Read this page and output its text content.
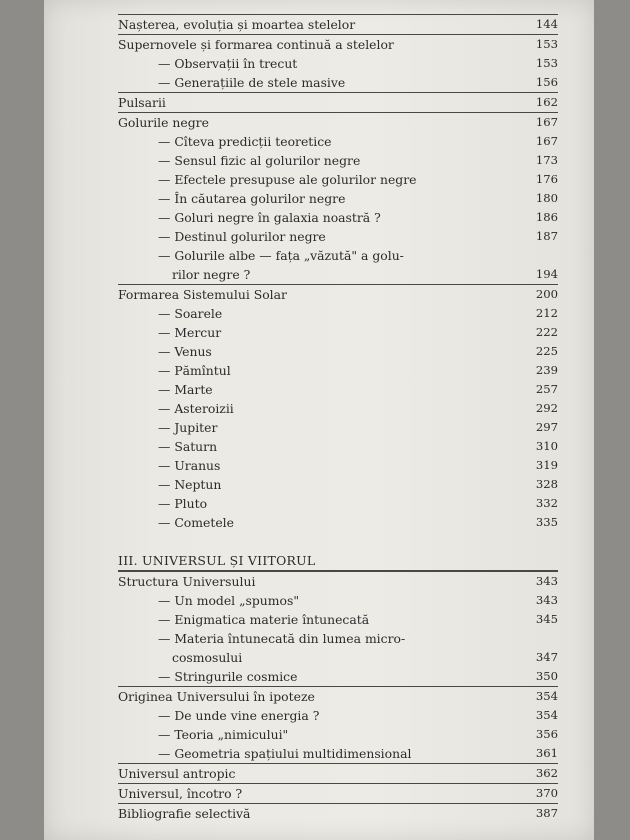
Nașterea, evoluția și moartea stelelor	144
Supernovele și formarea continuă a stelelor	153
— Observații în trecut	153
— Generațiile de stele masive	156
Pulsarii	162
Golurile negre	167
— Cîteva predicții teoretice	167
— Sensul fizic al golurilor negre	173
— Efectele presupuse ale golurilor negre	176
— În căutarea golurilor negre	180
— Goluri negre în galaxia noastră ?	186
— Destinul golurilor negre	187
— Golurile albe — fața „văzută" a golu-
rilor negre ?	194
Formarea Sistemului Solar	200
— Soarele	212
— Mercur	222
— Venus	225
— Pămîntul	239
— Marte	257
— Asteroizii	292
— Jupiter	297
— Saturn	310
— Uranus	319
— Neptun	328
— Pluto	332
— Cometele	335
III. UNIVERSUL ȘI VIITORUL
Structura Universului	343
— Un model „spumos"	343
— Enigmatica materie întunecată	345
— Materia întunecată din lumea micro-
cosmosului	347
— Stringurile cosmice	350
Originea Universului în ipoteze	354
— De unde vine energia ?	354
— Teoria „nimicului"	356
— Geometria spațiului multidimensional	361
Universul antropic	362
Universul, încotro ?	370
Bibliografie selectivă	387
